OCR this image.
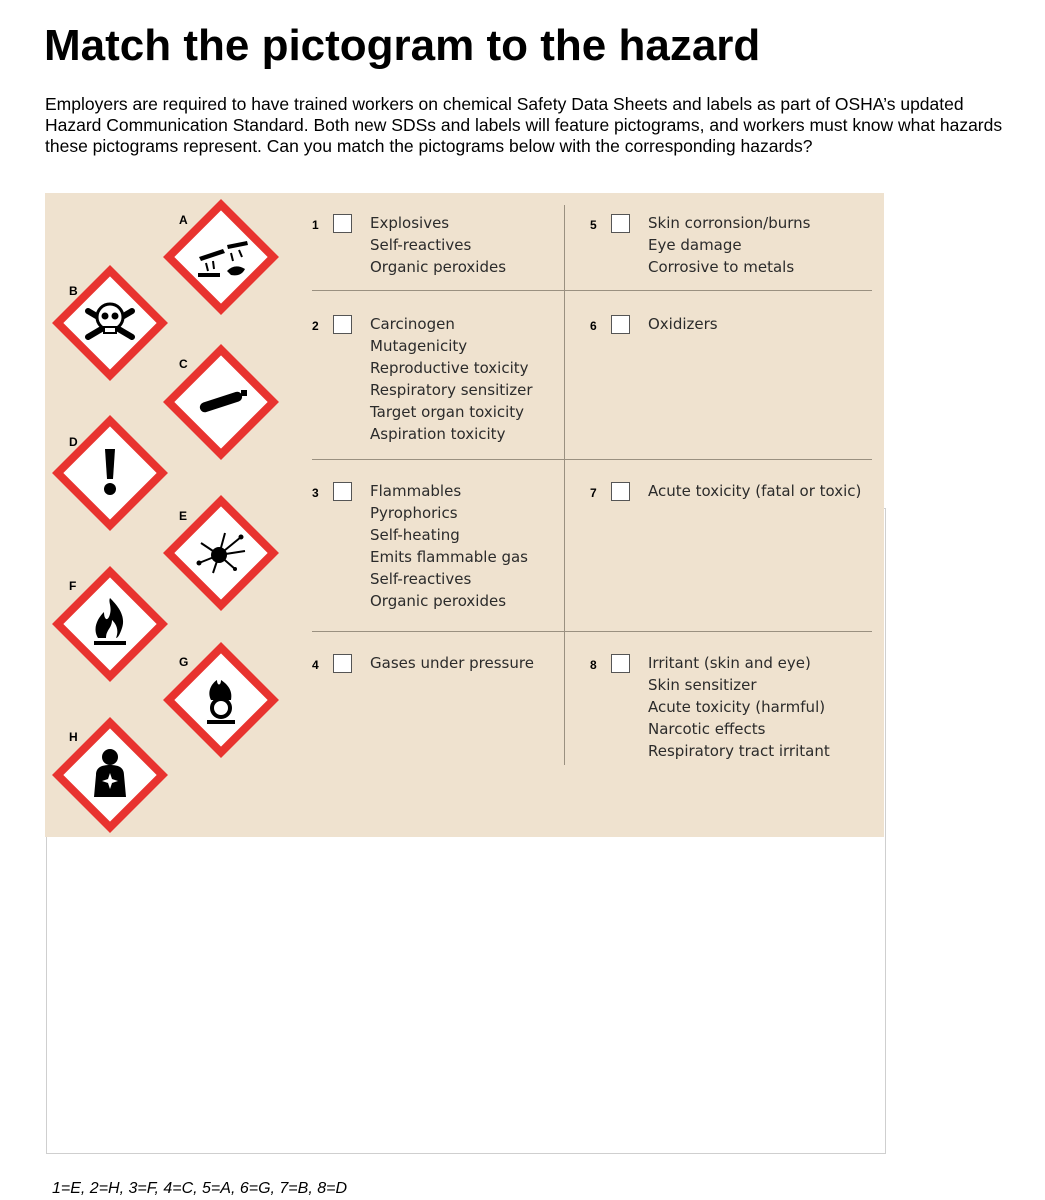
Match the pictogram to the hazard

Employers are required to have trained workers on chemical Safety Data Sheets and labels as part of OSHA’s updated Hazard Communication Standard. Both new SDSs and labels will feature pictograms, and workers must know what hazards these pictograms represent. Can you match the pictograms below with the corresponding hazards?

A
B
C
D
E
F
G
H
1	Explosives
Self-reactives
Organic peroxides
2	Carcinogen
Mutagenicity
Reproductive toxicity
Respiratory sensitizer
Target organ toxicity
Aspiration toxicity
3	Flammables
Pyrophorics
Self-heating
Emits flammable gas
Self-reactives
Organic peroxides
4	Gases under pressure
5	Skin corronsion/burns
Eye damage
Corrosive to metals
6	Oxidizers
7	Acute toxicity (fatal or toxic)
8	Irritant (skin and eye)
Skin sensitizer
Acute toxicity (harmful)
Narcotic effects
Respiratory tract irritant
1=E, 2=H, 3=F, 4=C, 5=A, 6=G, 7=B, 8=D
